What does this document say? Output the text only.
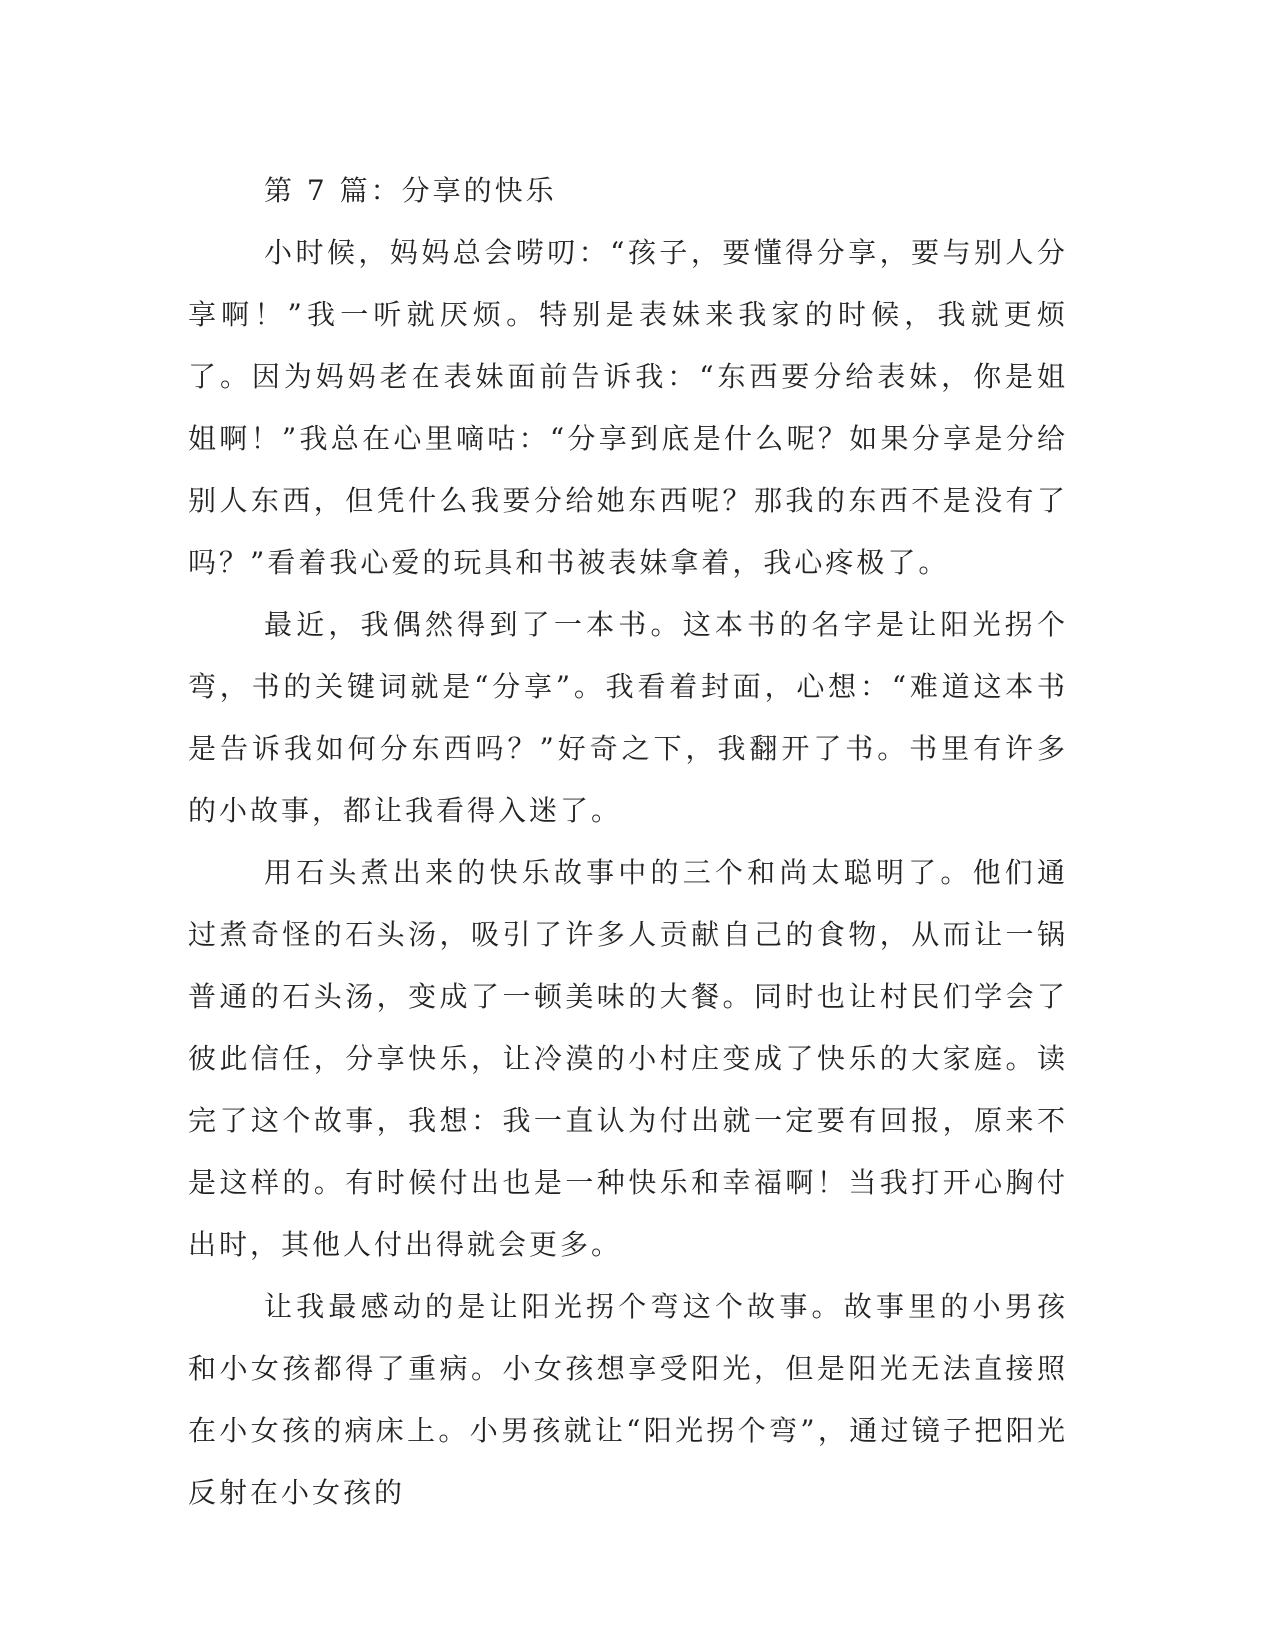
第 7 篇：分享的快乐

小时候，妈妈总会唠叨：“孩子，要懂得分享，要与别人分享啊！”我一听就厌烦。特别是表妹来我家的时候，我就更烦了。因为妈妈老在表妹面前告诉我：“东西要分给表妹，你是姐姐啊！”我总在心里嘀咕：“分享到底是什么呢？如果分享是分给别人东西，但凭什么我要分给她东西呢？那我的东西不是没有了吗？”看着我心爱的玩具和书被表妹拿着，我心疼极了。

最近，我偶然得到了一本书。这本书的名字是让阳光拐个弯，书的关键词就是“分享”。我看着封面，心想：“难道这本书是告诉我如何分东西吗？”好奇之下，我翻开了书。书里有许多的小故事，都让我看得入迷了。

用石头煮出来的快乐故事中的三个和尚太聪明了。他们通过煮奇怪的石头汤，吸引了许多人贡献自己的食物，从而让一锅普通的石头汤，变成了一顿美味的大餐。同时也让村民们学会了彼此信任，分享快乐，让冷漠的小村庄变成了快乐的大家庭。读完了这个故事，我想：我一直认为付出就一定要有回报，原来不是这样的。有时候付出也是一种快乐和幸福啊！当我打开心胸付出时，其他人付出得就会更多。

让我最感动的是让阳光拐个弯这个故事。故事里的小男孩和小女孩都得了重病。小女孩想享受阳光，但是阳光无法直接照在小女孩的病床上。小男孩就让“阳光拐个弯”，通过镜子把阳光反射在小女孩的
